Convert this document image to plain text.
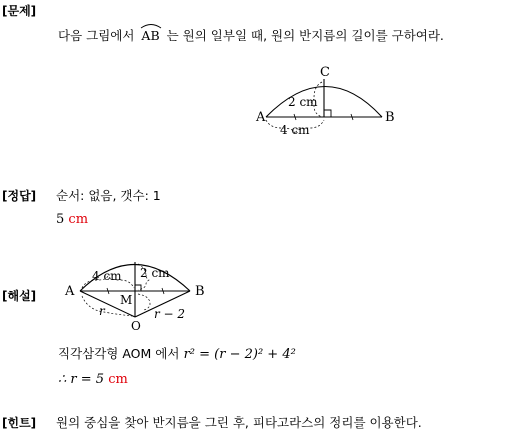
[문제]
다음 그림에서 AB 는 원의 일부일 때, 원의 반지름의 길이를 구하여라.
A	B
C
2 cm
4 cm
[정답] 순서: 없음, 갯수: 1
5 cm
[해설] A	B
M
O
4 cm 2 cm
r	r − 2
직각삼각형 AOM 에서 r² = (r − 2)² + 4²
∴ r = 5 cm
[힌트] 원의 중심을 찾아 반지름을 그린 후, 피타고라스의 정리를 이용한다.
